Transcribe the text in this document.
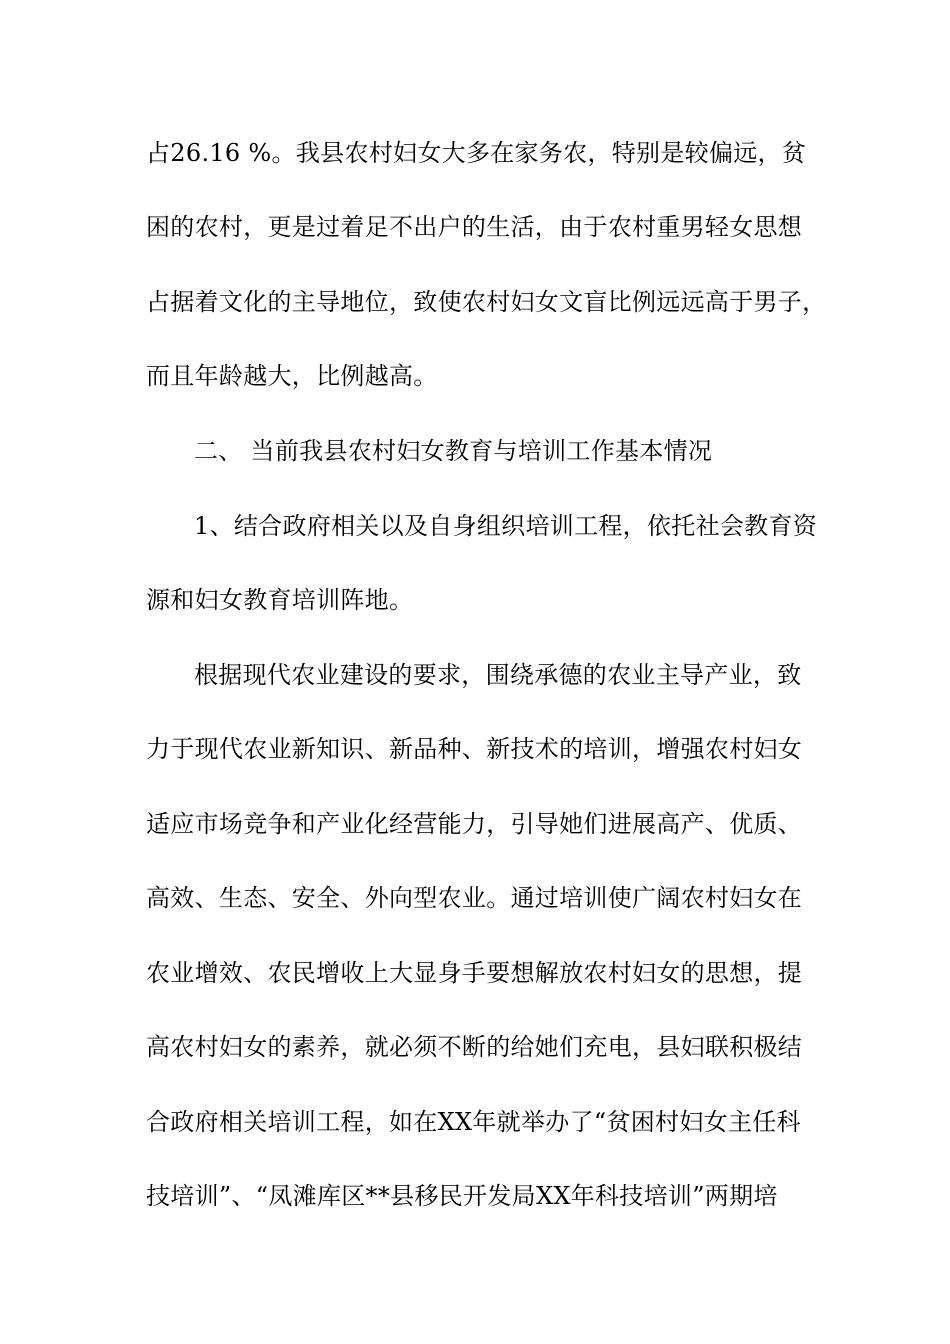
占26.16 %。我县农村妇女大多在家务农，特别是较偏远，贫
困的农村，更是过着足不出户的生活，由于农村重男轻女思想
占据着文化的主导地位，致使农村妇女文盲比例远远高于男子，
而且年龄越大，比例越高。
二、 当前我县农村妇女教育与培训工作基本情况
1、结合政府相关以及自身组织培训工程，依托社会教育资
源和妇女教育培训阵地。
根据现代农业建设的要求，围绕承德的农业主导产业，致
力于现代农业新知识、新品种、新技术的培训，增强农村妇女
适应市场竞争和产业化经营能力，引导她们进展高产、优质、
高效、生态、安全、外向型农业。通过培训使广阔农村妇女在
农业增效、农民增收上大显身手要想解放农村妇女的思想，提
高农村妇女的素养，就必须不断的给她们充电，县妇联积极结
合政府相关培训工程，如在XX年就举办了“贫困村妇女主任科
技培训”、“凤滩库区**县移民开发局XX年科技培训”两期培
